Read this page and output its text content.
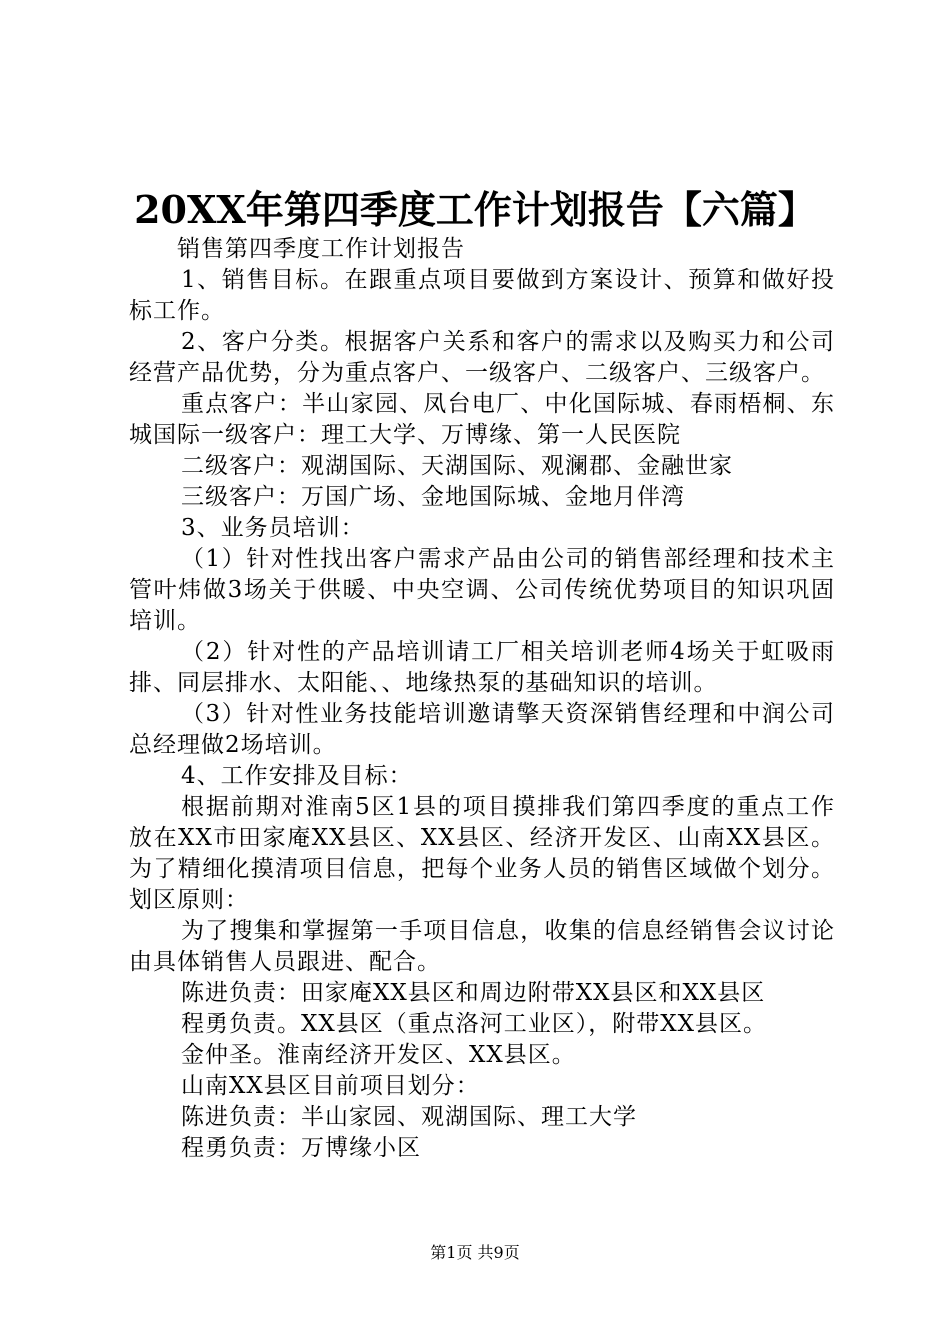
20XX年第四季度工作计划报告【六篇】

销售第四季度工作计划报告

1、销售目标。在跟重点项目要做到方案设计、预算和做好投标工作。

2、客户分类。根据客户关系和客户的需求以及购买力和公司经营产品优势，分为重点客户、一级客户、二级客户、三级客户。

重点客户：半山家园、凤台电厂、中化国际城、春雨梧桐、东城国际一级客户：理工大学、万博缘、第一人民医院

二级客户：观湖国际、天湖国际、观澜郡、金融世家

三级客户：万国广场、金地国际城、金地月伴湾

3、业务员培训：

（1）针对性找出客户需求产品由公司的销售部经理和技术主管叶炜做3场关于供暖、中央空调、公司传统优势项目的知识巩固培训。

（2）针对性的产品培训请工厂相关培训老师4场关于虹吸雨排、同层排水、太阳能、、地缘热泵的基础知识的培训。

（3）针对性业务技能培训邀请擎天资深销售经理和中润公司总经理做2场培训。

4、工作安排及目标：

根据前期对淮南5区1县的项目摸排我们第四季度的重点工作放在XX市田家庵XX县区、XX县区、经济开发区、山南XX县区。为了精细化摸清项目信息，把每个业务人员的销售区域做个划分。划区原则：

为了搜集和掌握第一手项目信息，收集的信息经销售会议讨论由具体销售人员跟进、配合。

陈进负责：田家庵XX县区和周边附带XX县区和XX县区

程勇负责。XX县区（重点洛河工业区），附带XX县区。

金仲圣。淮南经济开发区、XX县区。

山南XX县区目前项目划分：

陈进负责：半山家园、观湖国际、理工大学

程勇负责：万博缘小区

第1页 共9页
